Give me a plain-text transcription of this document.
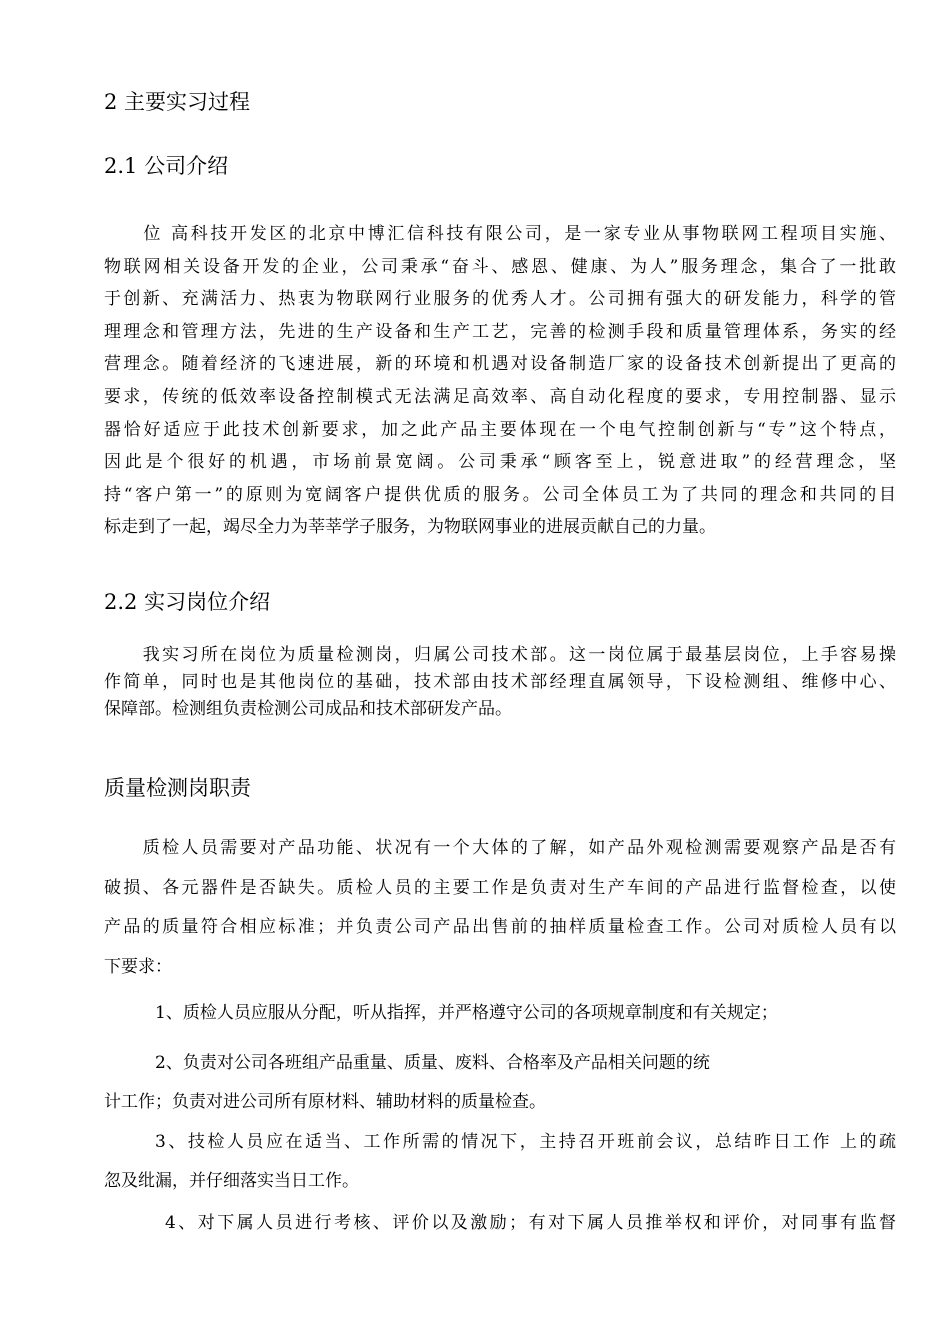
2 主要实习过程
2.1 公司介绍
　　位 高科技开发区的北京中博汇信科技有限公司，是一家专业从事物联网工程项目实施、
物联网相关设备开发的企业，公司秉承“奋斗、感恩、健康、为人”服务理念，集合了一批敢
于创新、充满活力、热衷为物联网行业服务的优秀人才。公司拥有强大的研发能力，科学的管
理理念和管理方法，先进的生产设备和生产工艺，完善的检测手段和质量管理体系，务实的经
营理念。随着经济的飞速进展，新的环境和机遇对设备制造厂家的设备技术创新提出了更高的
要求，传统的低效率设备控制模式无法满足高效率、高自动化程度的要求，专用控制器、显示
器恰好适应于此技术创新要求，加之此产品主要体现在一个电气控制创新与“专”这个特点，
因此是个很好的机遇，市场前景宽阔。公司秉承“顾客至上，锐意进取”的经营理念，坚
持“客户第一”的原则为宽阔客户提供优质的服务。公司全体员工为了共同的理念和共同的目
标走到了一起，竭尽全力为莘莘学子服务，为物联网事业的进展贡献自己的力量。
2.2 实习岗位介绍
　　我实习所在岗位为质量检测岗，归属公司技术部。这一岗位属于最基层岗位，上手容易操
作简单，同时也是其他岗位的基础，技术部由技术部经理直属领导，下设检测组、维修中心、
保障部。检测组负责检测公司成品和技术部研发产品。
质量检测岗职责
　　质检人员需要对产品功能、状况有一个大体的了解，如产品外观检测需要观察产品是否有
破损、各元器件是否缺失。质检人员的主要工作是负责对生产车间的产品进行监督检查，以使
产品的质量符合相应标准；并负责公司产品出售前的抽样质量检查工作。公司对质检人员有以
下要求：
1、质检人员应服从分配，听从指挥，并严格遵守公司的各项规章制度和有关规定；
2、负责对公司各班组产品重量、质量、废料、合格率及产品相关问题的统
计工作；负责对进公司所有原材料、辅助材料的质量检查。
3、技检人员应在适当、工作所需的情况下，主持召开班前会议，总结昨日工作 上的疏
忽及纰漏，并仔细落实当日工作。
4、对下属人员进行考核、评价以及激励；有对下属人员推举权和评价，对同事有监督
